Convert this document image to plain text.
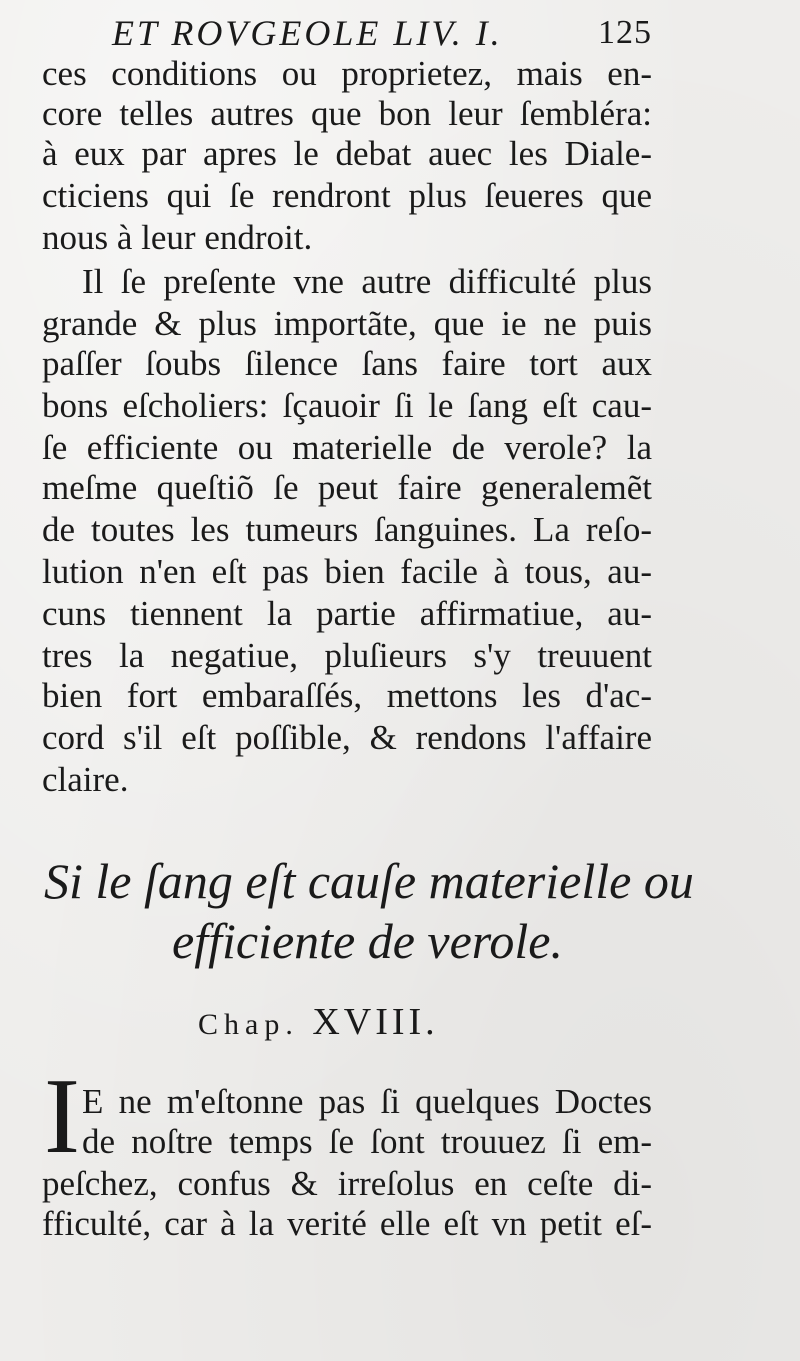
ET ROVGEOLE LIV. I.	125
ces conditions ou proprietez, mais en-
core telles autres que bon leur ſembléra:
à eux par apres le debat auec les Diale-
cticiens qui ſe rendront plus ſeueres que
nous à leur endroit.
Il ſe preſente vne autre difficulté plus
grande & plus importãte, que ie ne puis
paſſer ſoubs ſilence ſans faire tort aux
bons eſcholiers: ſçauoir ſi le ſang eſt cau-
ſe efficiente ou materielle de verole? la
meſme queſtiõ ſe peut faire generalemẽt
de toutes les tumeurs ſanguines. La reſo-
lution n'en eſt pas bien facile à tous, au-
cuns tiennent la partie affirmatiue, au-
tres la negatiue, pluſieurs s'y treuuent
bien fort embaraſſés, mettons les d'ac-
cord s'il eſt poſſible, & rendons l'affaire
claire.
Si le ſang eſt cauſe materielle ou
efficiente de verole.
Chap. XVIII.
I E ne m'eſtonne pas ſi quelques Doctes
de noſtre temps ſe ſont trouuez ſi em-
peſchez, confus & irreſolus en ceſte di-
fficulté, car à la verité elle eſt vn petit eſ-
